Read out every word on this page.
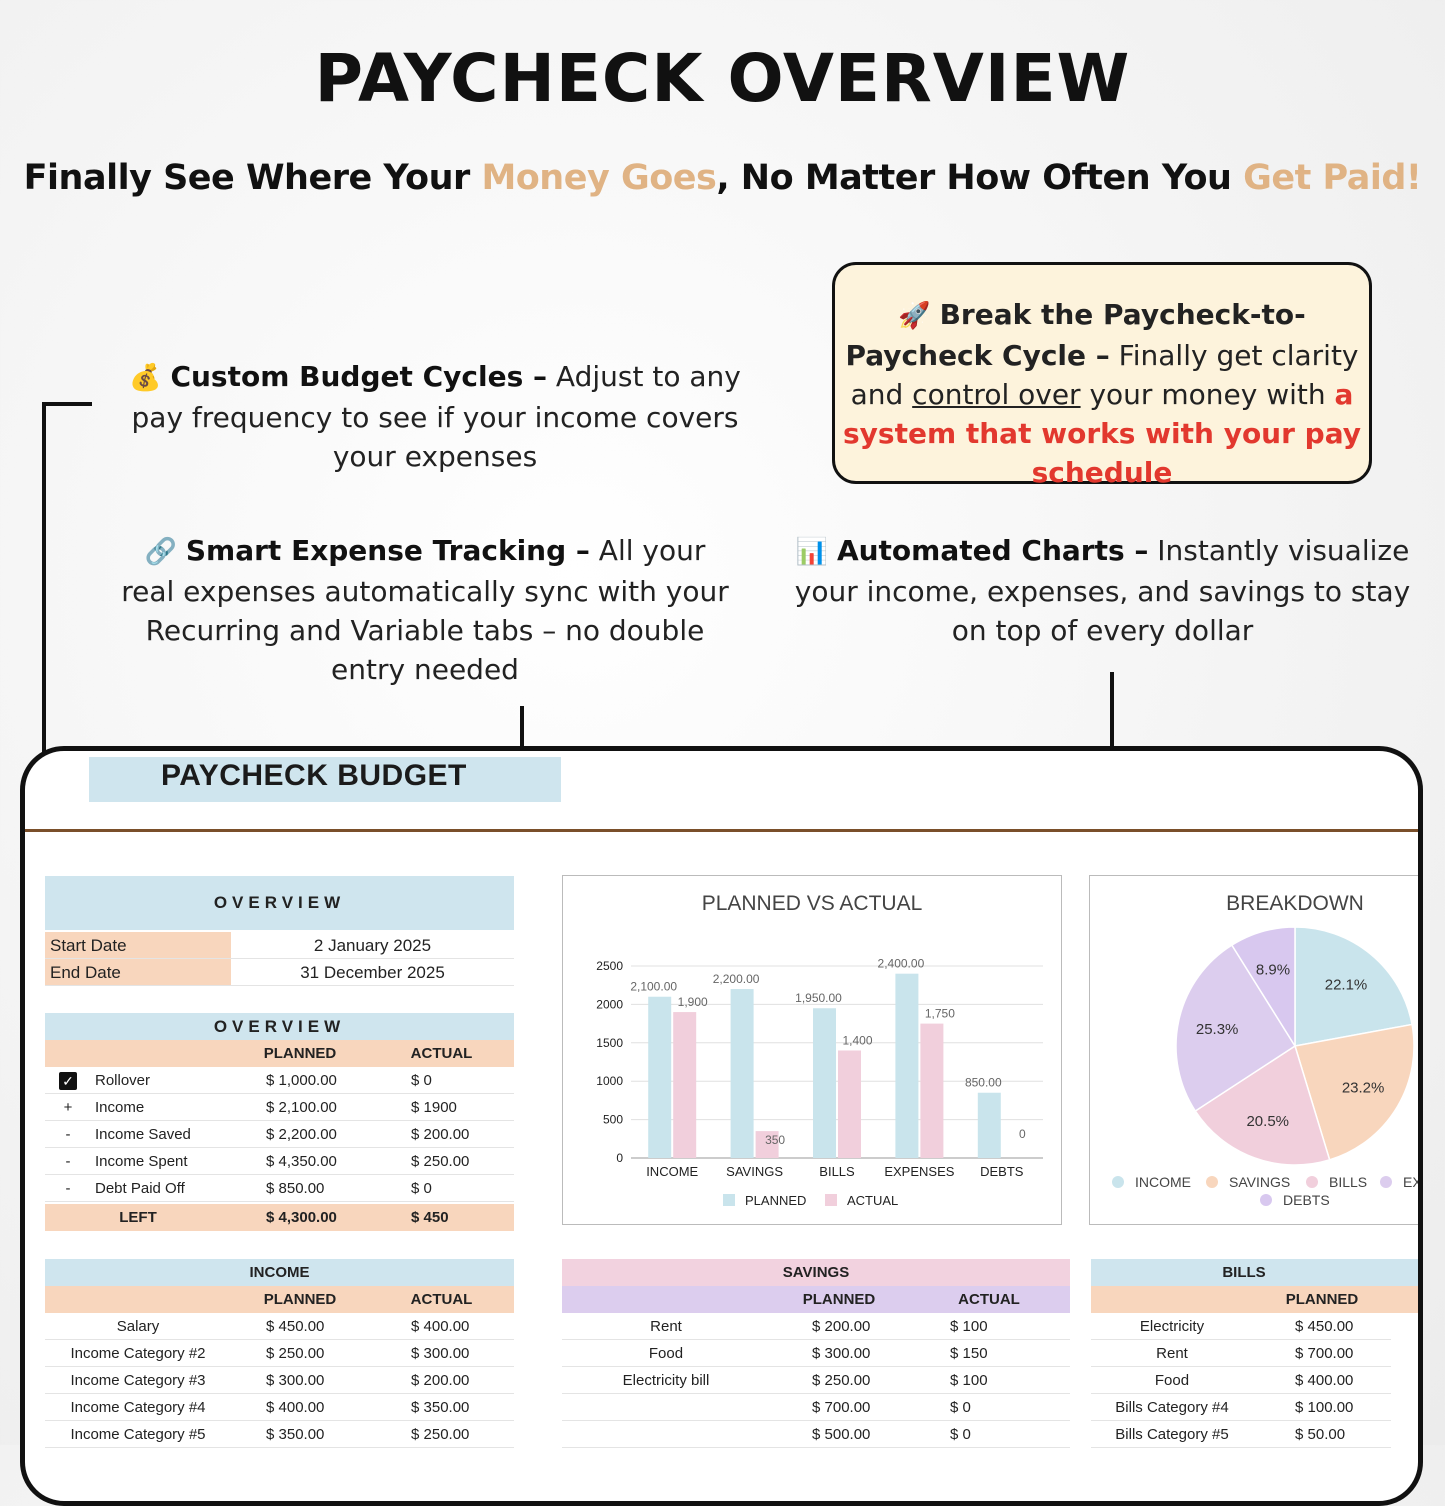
PAYCHECK OVERVIEW
Finally See Where Your Money Goes, No Matter How Often You Get Paid!
💰 Custom Budget Cycles – Adjust to any pay frequency to see if your income covers your expenses
🔗 Smart Expense Tracking – All your real expenses automatically sync with your Recurring and Variable tabs – no double entry needed
📊 Automated Charts – Instantly visualize your income, expenses, and savings to stay on top of every dollar
🚀 Break the Paycheck-to-Paycheck Cycle – Finally get clarity and control over your money with a system that works with your pay schedule
PAYCHECK BUDGET
OVERVIEW
Start Date	2 January 2025
End Date	31 December 2025
OVERVIEW
PLANNED	ACTUAL
LEFT	$ 4,300.00	$ 450
INCOME
PLANNED	ACTUAL
SAVINGS
PLANNED	ACTUAL
BILLS
PLANNED
PLANNED VS ACTUAL
0
500
1000
1500
2000
2500
2,100.00
1,900
INCOME
2,200.00
350
SAVINGS
1,950.00
1,400
BILLS
2,400.00
1,750
EXPENSES
850.00
0
DEBTS
PLANNED	ACTUAL
BREAKDOWN
22.1%
23.2%
20.5%
25.3%
8.9%
INCOME	SAVINGS	BILLS	EX
DEBTS
✓	Rollover	$ 1,000.00	$ 0
+	Income	$ 2,100.00	$ 1900
-	Income Saved	$ 2,200.00	$ 200.00
-	Income Spent	$ 4,350.00	$ 250.00
-	Debt Paid Off	$ 850.00	$ 0
Salary	$ 450.00	$ 400.00
Income Category #2	$ 250.00	$ 300.00
Income Category #3	$ 300.00	$ 200.00
Income Category #4	$ 400.00	$ 350.00
Income Category #5	$ 350.00	$ 250.00
Rent	$ 200.00	$ 100
Food	$ 300.00	$ 150
Electricity bill	$ 250.00	$ 100
$ 700.00	$ 0
$ 500.00	$ 0
Electricity	$ 450.00
Rent	$ 700.00
Food	$ 400.00
Bills Category #4	$ 100.00
Bills Category #5	$ 50.00
